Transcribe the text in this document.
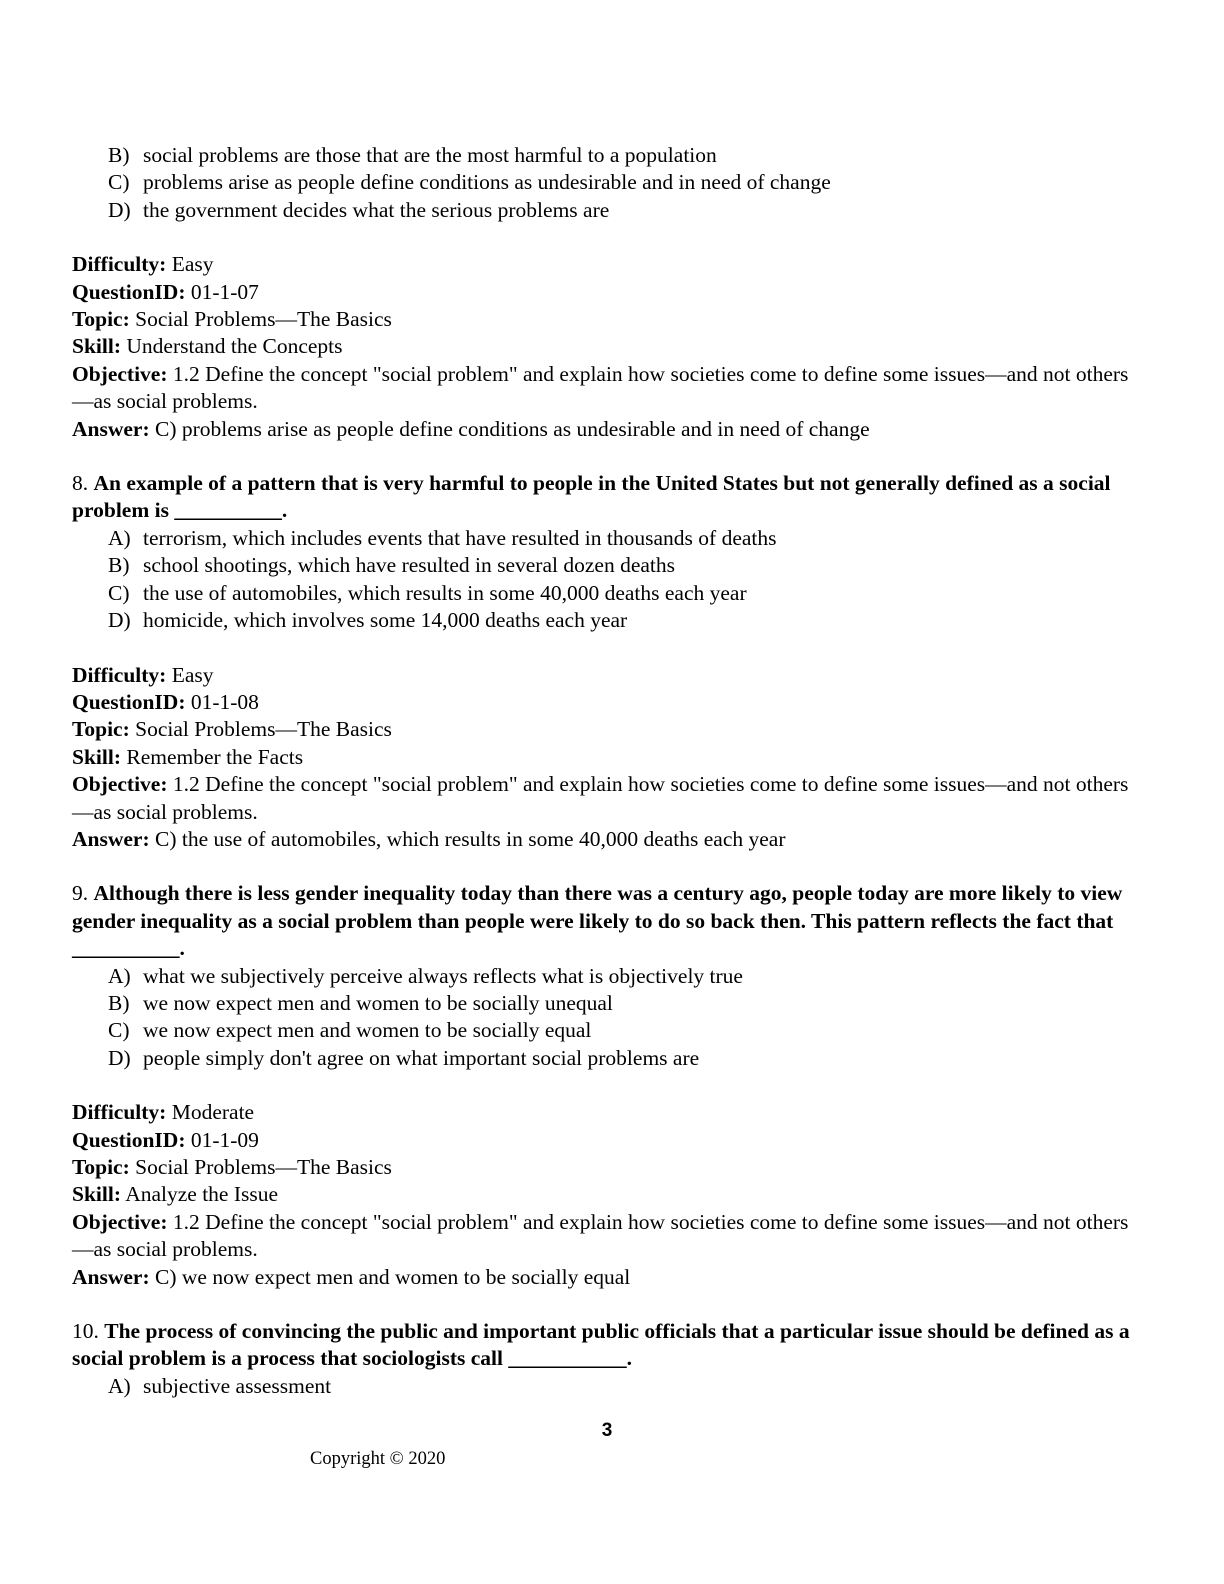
B) social problems are those that are the most harmful to a population
C) problems arise as people define conditions as undesirable and in need of change
D) the government decides what the serious problems are

Difficulty: Easy

QuestionID: 01-1-07

Topic: Social Problems—The Basics

Skill: Understand the Concepts

Objective: 1.2 Define the concept "social problem" and explain how societies come to define some issues—and not others—as social problems.

Answer: C) problems arise as people define conditions as undesirable and in need of change

8. An example of a pattern that is very harmful to people in the United States but not generally defined as a social problem is __________.
A) terrorism, which includes events that have resulted in thousands of deaths
B) school shootings, which have resulted in several dozen deaths
C) the use of automobiles, which results in some 40,000 deaths each year
D) homicide, which involves some 14,000 deaths each year

Difficulty: Easy

QuestionID: 01-1-08

Topic: Social Problems—The Basics

Skill: Remember the Facts

Objective: 1.2 Define the concept "social problem" and explain how societies come to define some issues—and not others—as social problems.

Answer: C) the use of automobiles, which results in some 40,000 deaths each year

9. Although there is less gender inequality today than there was a century ago, people today are more likely to view gender inequality as a social problem than people were likely to do so back then. This pattern reflects the fact that __________.
A) what we subjectively perceive always reflects what is objectively true
B) we now expect men and women to be socially unequal
C) we now expect men and women to be socially equal
D) people simply don't agree on what important social problems are

Difficulty: Moderate

QuestionID: 01-1-09

Topic: Social Problems—The Basics

Skill: Analyze the Issue

Objective: 1.2 Define the concept "social problem" and explain how societies come to define some issues—and not others—as social problems.

Answer: C) we now expect men and women to be socially equal

10. The process of convincing the public and important public officials that a particular issue should be defined as a social problem is a process that sociologists call ___________.
A) subjective assessment
3
Copyright © 2020
